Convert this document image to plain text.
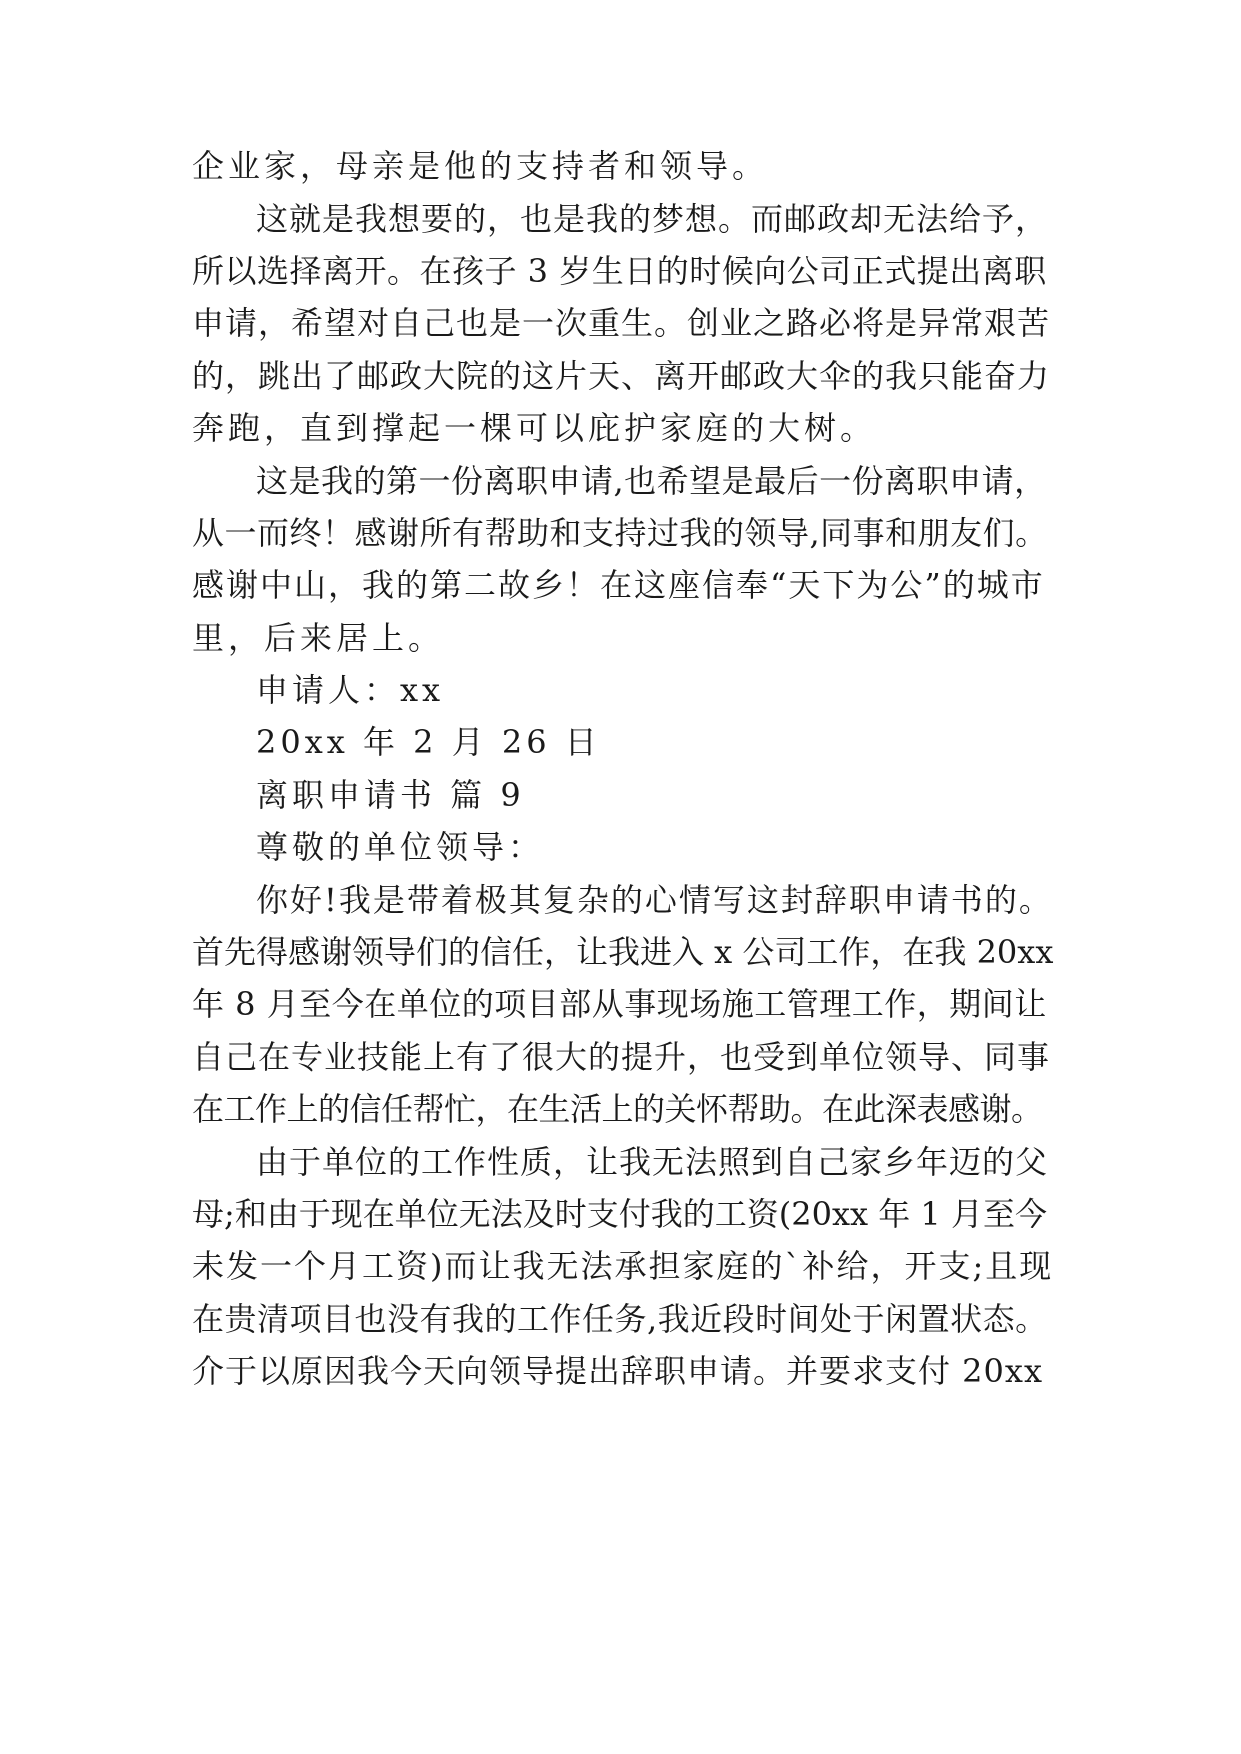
企业家，母亲是他的支持者和领导。
这就是我想要的，也是我的梦想。而邮政却无法给予，
所以选择离开。在孩子 3 岁生日的时候向公司正式提出离职
申请，希望对自己也是一次重生。创业之路必将是异常艰苦
的，跳出了邮政大院的这片天、离开邮政大伞的我只能奋力
奔跑，直到撑起一棵可以庇护家庭的大树。
这是我的第一份离职申请,也希望是最后一份离职申请，
从一而终！感谢所有帮助和支持过我的领导,同事和朋友们。
感谢中山，我的第二故乡！在这座信奉“天下为公”的城市
里，后来居上。
申请人：xx
20xx 年 2 月 26 日
离职申请书 篇 9
尊敬的单位领导：
你好!我是带着极其复杂的心情写这封辞职申请书的。
首先得感谢领导们的信任，让我进入 x 公司工作，在我 20xx
年 8 月至今在单位的项目部从事现场施工管理工作，期间让
自己在专业技能上有了很大的提升，也受到单位领导、同事
在工作上的信任帮忙，在生活上的关怀帮助。在此深表感谢。
由于单位的工作性质，让我无法照到自己家乡年迈的父
母;和由于现在单位无法及时支付我的工资(20xx 年 1 月至今
未发一个月工资)而让我无法承担家庭的`补给，开支;且现
在贵清项目也没有我的工作任务,我近段时间处于闲置状态。
介于以原因我今天向领导提出辞职申请。并要求支付 20xx
